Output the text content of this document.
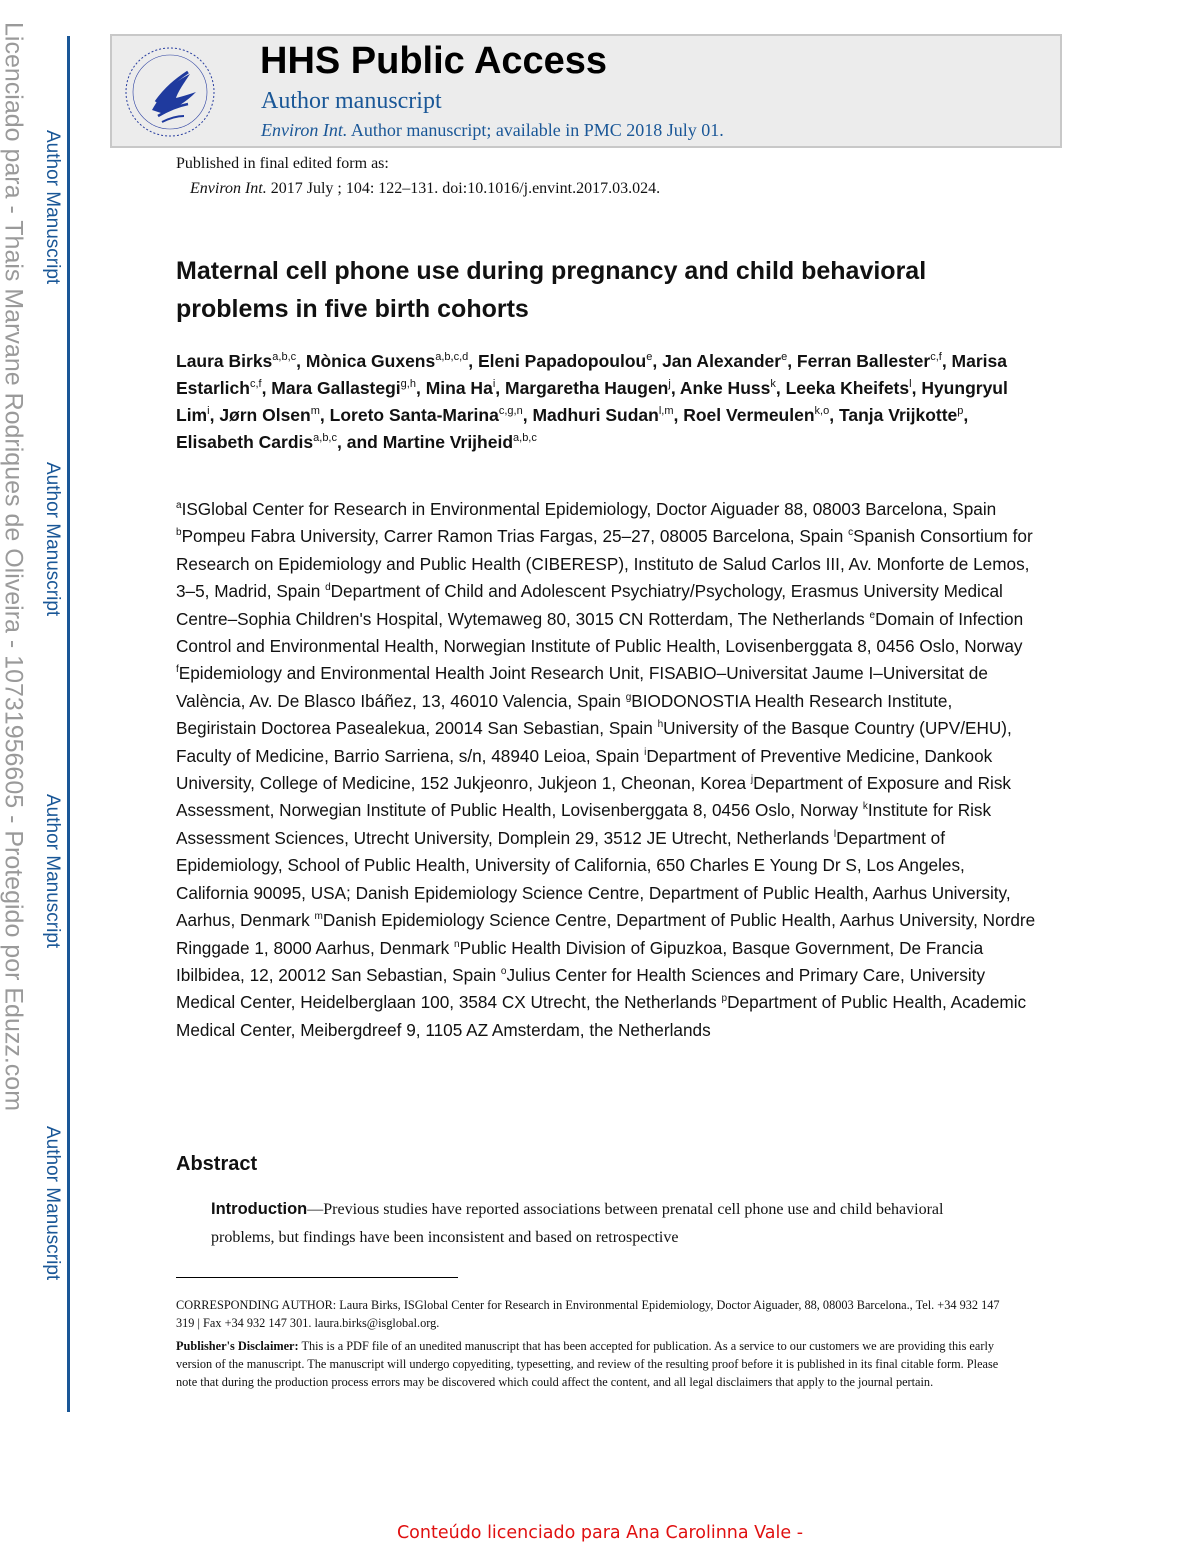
Licenciado para - Thais Marvane Rodriques de Oliveira - 10731956605 - Protegido por Eduzz.com Author Manuscript
Author Manuscript
Author Manuscript
Author Manuscript
HHS Public Access
Author manuscript
Environ Int. Author manuscript; available in PMC 2018 July 01.
Published in final edited form as:
Environ Int. 2017 July ; 104: 122–131. doi:10.1016/j.envint.2017.03.024.
Maternal cell phone use during pregnancy and child behavioral problems in five birth cohorts
Laura Birks$^{a,b,c}$, Mònica Guxens$^{a,b,c,d}$, Eleni Papadopoulou$^e$, Jan Alexander$^e$, Ferran Ballester$^{c,f}$, Marisa Estarlich$^{c,f}$, Mara Gallastegi$^{g,h}$, Mina Ha$^i$, Margaretha Haugen$^j$, Anke Huss$^k$, Leeka Kheifets$^l$, Hyungryul Lim$^i$, Jørn Olsen$^m$, Loreto Santa-Marina$^{c,g,n}$, Madhuri Sudan$^{l,m}$, Roel Vermeulen$^{k,o}$, Tanja Vrijkotte$^p$, Elisabeth Cardis$^{a,b,c}$, and Martine Vrijheid$^{a,b,c}$
$^a$ISGlobal Center for Research in Environmental Epidemiology, Doctor Aiguader 88, 08003 Barcelona, Spain $^b$Pompeu Fabra University, Carrer Ramon Trias Fargas, 25–27, 08005 Barcelona, Spain $^c$Spanish Consortium for Research on Epidemiology and Public Health (CIBERESP), Instituto de Salud Carlos III, Av. Monforte de Lemos, 3–5, Madrid, Spain $^d$Department of Child and Adolescent Psychiatry/Psychology, Erasmus University Medical Centre–Sophia Children's Hospital, Wytemaweg 80, 3015 CN Rotterdam, The Netherlands $^e$Domain of Infection Control and Environmental Health, Norwegian Institute of Public Health, Lovisenberggata 8, 0456 Oslo, Norway $^f$Epidemiology and Environmental Health Joint Research Unit, FISABIO–Universitat Jaume I–Universitat de València, Av. De Blasco Ibáñez, 13, 46010 Valencia, Spain $^g$BIODONOSTIA Health Research Institute, Begiristain Doctorea Pasealekua, 20014 San Sebastian, Spain $^h$University of the Basque Country (UPV/EHU), Faculty of Medicine, Barrio Sarriena, s/n, 48940 Leioa, Spain $^i$Department of Preventive Medicine, Dankook University, College of Medicine, 152 Jukjeonro, Jukjeon 1, Cheonan, Korea $^j$Department of Exposure and Risk Assessment, Norwegian Institute of Public Health, Lovisenberggata 8, 0456 Oslo, Norway $^k$Institute for Risk Assessment Sciences, Utrecht University, Domplein 29, 3512 JE Utrecht, Netherlands $^l$Department of Epidemiology, School of Public Health, University of California, 650 Charles E Young Dr S, Los Angeles, California 90095, USA; Danish Epidemiology Science Centre, Department of Public Health, Aarhus University, Aarhus, Denmark $^m$Danish Epidemiology Science Centre, Department of Public Health, Aarhus University, Nordre Ringgade 1, 8000 Aarhus, Denmark $^n$Public Health Division of Gipuzkoa, Basque Government, De Francia Ibilbidea, 12, 20012 San Sebastian, Spain $^o$Julius Center for Health Sciences and Primary Care, University Medical Center, Heidelberglaan 100, 3584 CX Utrecht, the Netherlands $^p$Department of Public Health, Academic Medical Center, Meibergdreef 9, 1105 AZ Amsterdam, the Netherlands
Abstract
Introduction—Previous studies have reported associations between prenatal cell phone use and child behavioral problems, but findings have been inconsistent and based on retrospective
CORRESPONDING AUTHOR: Laura Birks, ISGlobal Center for Research in Environmental Epidemiology, Doctor Aiguader, 88, 08003 Barcelona., Tel. +34 932 147 319 | Fax +34 932 147 301. laura.birks@isglobal.org.
Publisher's Disclaimer: This is a PDF file of an unedited manuscript that has been accepted for publication. As a service to our customers we are providing this early version of the manuscript. The manuscript will undergo copyediting, typesetting, and review of the resulting proof before it is published in its final citable form. Please note that during the production process errors may be discovered which could affect the content, and all legal disclaimers that apply to the journal pertain.
Conteúdo licenciado para Ana Carolinna Vale -
